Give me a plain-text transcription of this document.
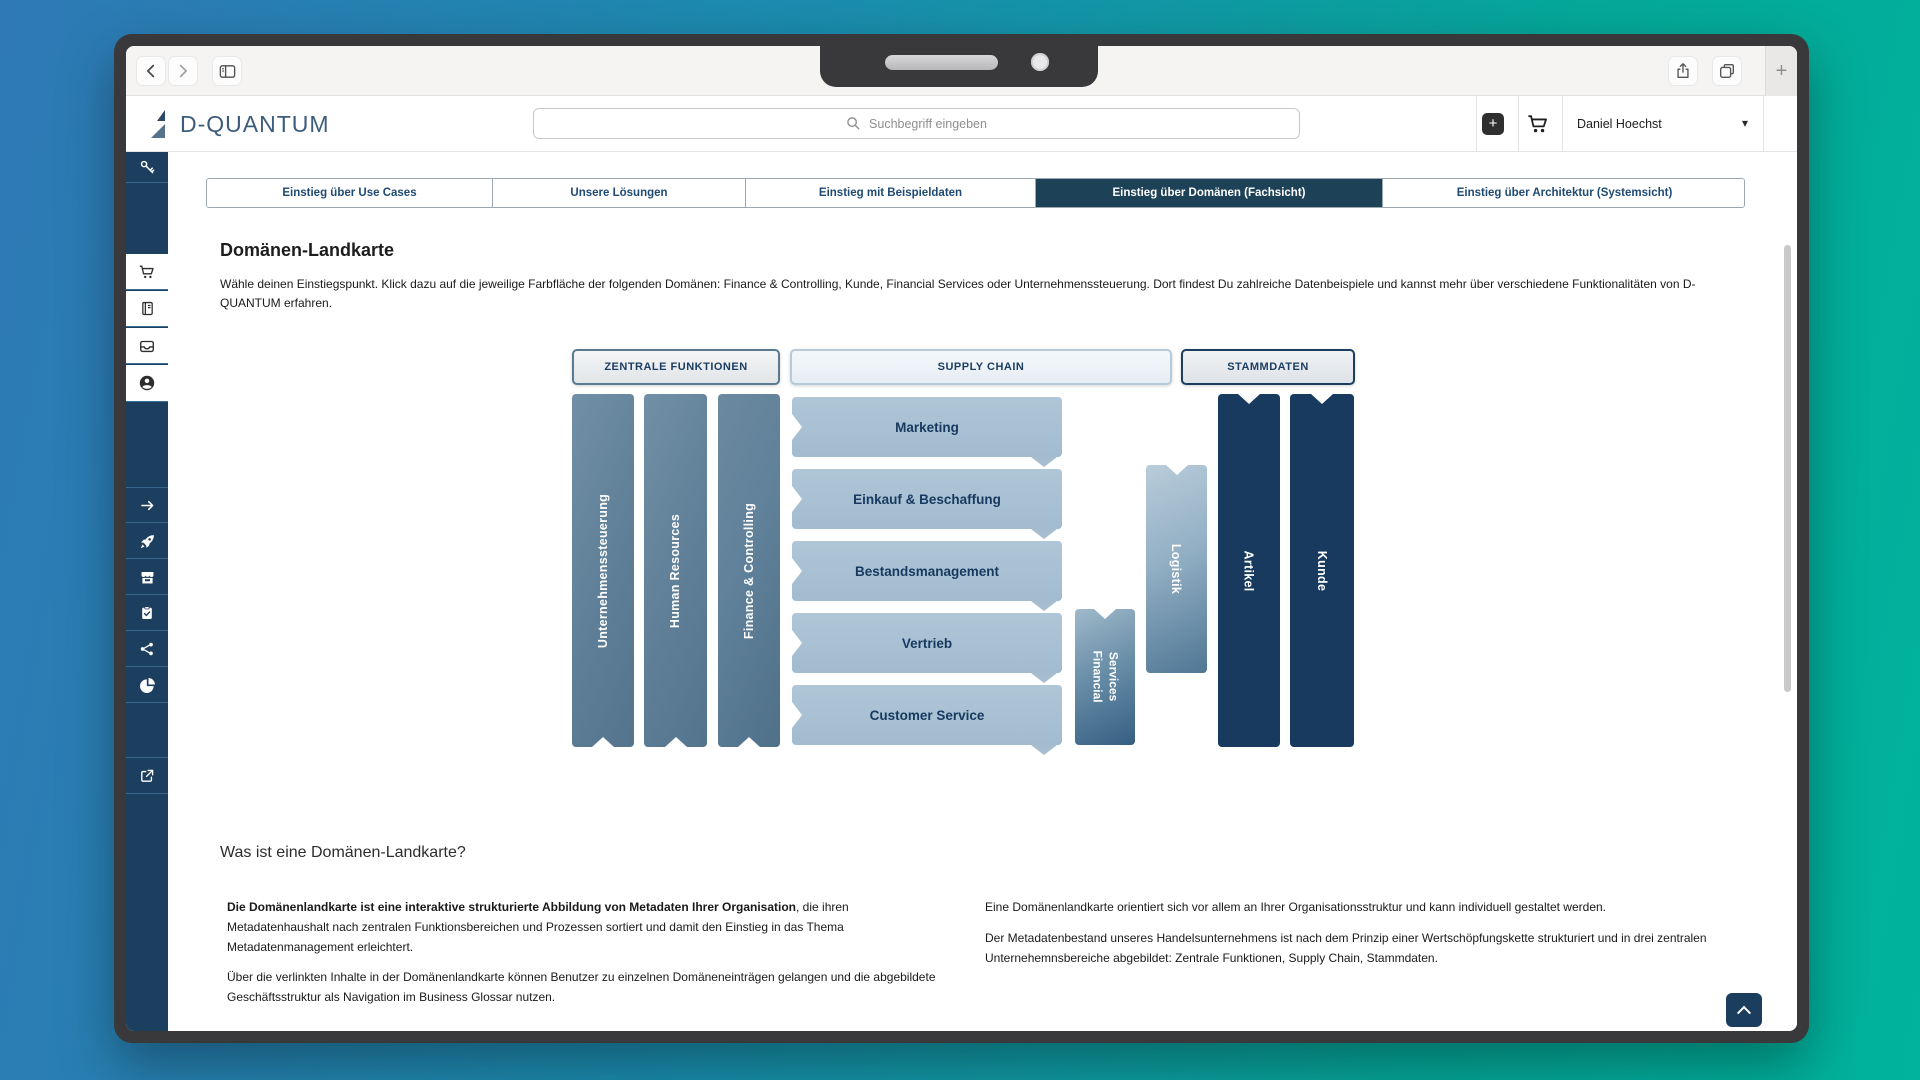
+
D-QUANTUM	Suchbegriff eingeben	+	Daniel Hoechst	▾
Einstieg über Use Cases	Unsere Lösungen	Einstieg mit Beispieldaten	Einstieg über Domänen (Fachsicht)	Einstieg über Architektur (Systemsicht)
Domänen-Landkarte

Wähle deinen Einstiegspunkt. Klick dazu auf die jeweilige Farbfläche der folgenden Domänen: Finance & Controlling, Kunde, Financial Services oder Unternehmenssteuerung. Dort findest Du zahlreiche Datenbeispiele und kannst mehr über verschiedene Funktionalitäten von D-QUANTUM erfahren.

ZENTRALE FUNKTIONEN	SUPPLY CHAIN	STAMMDATEN
Unternehmenssteuerung	Human Resources	Finance & Controlling
Marketing
Einkauf & Beschaffung
Bestandsmanagement
Vertrieb
Customer Service
Financial Services
Logistik	Artikel	Kunde
Was ist eine Domänen-Landkarte?

Die Domänenlandkarte ist eine interaktive strukturierte Abbildung von Metadaten Ihrer Organisation, die ihren Metadatenhaushalt nach zentralen Funktionsbereichen und Prozessen sortiert und damit den Einstieg in das Thema Metadatenmanagement erleichtert.

Über die verlinkten Inhalte in der Domänenlandkarte können Benutzer zu einzelnen Domäneneinträgen gelangen und die abgebildete Geschäftsstruktur als Navigation im Business Glossar nutzen.

Eine Domänenlandkarte orientiert sich vor allem an Ihrer Organisationsstruktur und kann individuell gestaltet werden.

Der Metadatenbestand unseres Handelsunternehmens ist nach dem Prinzip einer Wertschöpfungskette strukturiert und in drei zentralen Unternehemnsbereiche abgebildet: Zentrale Funktionen, Supply Chain, Stammdaten.
